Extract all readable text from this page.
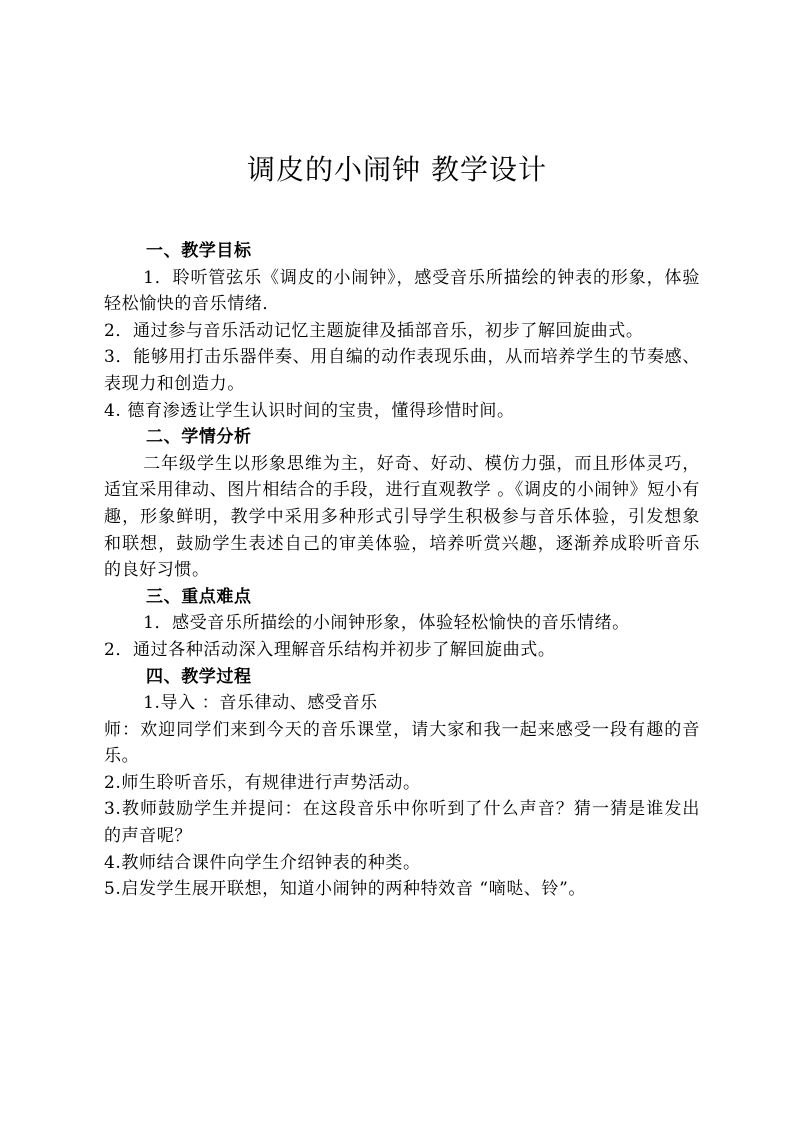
调皮的小闹钟 教学设计
一、教学目标

1．聆听管弦乐《调皮的小闹钟》，感受音乐所描绘的钟表的形象，体验轻松愉快的音乐情绪．

2．通过参与音乐活动记忆主题旋律及插部音乐，初步了解回旋曲式。

3．能够用打击乐器伴奏、用自编的动作表现乐曲，从而培养学生的节奏感、表现力和创造力。

4. 德育渗透让学生认识时间的宝贵，懂得珍惜时间。

二、学情分析

二年级学生以形象思维为主，好奇、好动、模仿力强，而且形体灵巧，适宜采用律动、图片相结合的手段，进行直观教学 。《调皮的小闹钟》短小有趣，形象鲜明，教学中采用多种形式引导学生积极参与音乐体验，引发想象和联想，鼓励学生表述自己的审美体验，培养听赏兴趣，逐渐养成聆听音乐的良好习惯。

三、重点难点

1．感受音乐所描绘的小闹钟形象，体验轻松愉快的音乐情绪。

2．通过各种活动深入理解音乐结构并初步了解回旋曲式。

四、教学过程

1.导入 ：音乐律动、感受音乐

师：欢迎同学们来到今天的音乐课堂，请大家和我一起来感受一段有趣的音乐。

2.师生聆听音乐，有规律进行声势活动。

3.教师鼓励学生并提问：在这段音乐中你听到了什么声音？猜一猜是谁发出的声音呢？

4.教师结合课件向学生介绍钟表的种类。

5.启发学生展开联想，知道小闹钟的两种特效音 “嘀哒、铃”。
